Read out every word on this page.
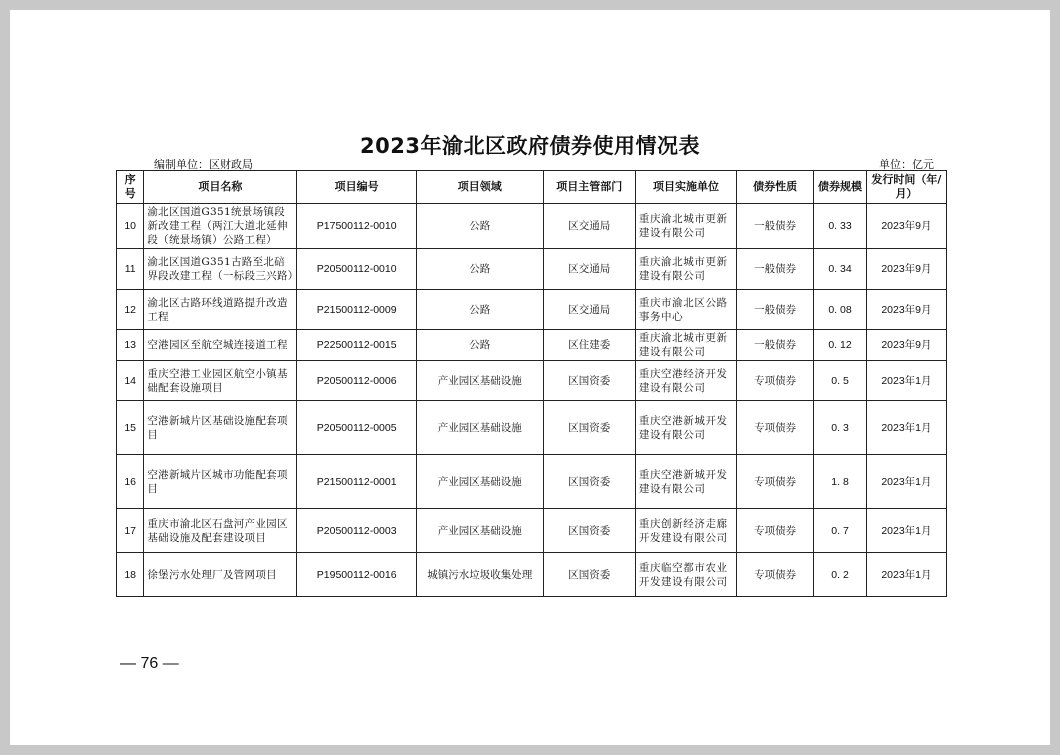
2023年渝北区政府债券使用情况表
编制单位：区财政局	单位：亿元
序号	项目名称	项目编号	项目领域	项目主管部门	项目实施单位	债券性质	债券规模	发行时间（年/月）
10	渝北区国道G351统景场镇段新改建工程（两江大道北延伸段（统景场镇）公路工程）	P17500112-0010	公路	区交通局	重庆渝北城市更新建设有限公司	一般债券	0. 33	2023年9月
11	渝北区国道G351古路至北碚界段改建工程（一标段三兴路）	P20500112-0010	公路	区交通局	重庆渝北城市更新建设有限公司	一般债券	0. 34	2023年9月
12	渝北区古路环线道路提升改造工程	P21500112-0009	公路	区交通局	重庆市渝北区公路事务中心	一般债券	0. 08	2023年9月
13	空港园区至航空城连接道工程	P22500112-0015	公路	区住建委	重庆渝北城市更新建设有限公司	一般债券	0. 12	2023年9月
14	重庆空港工业园区航空小镇基础配套设施项目	P20500112-0006	产业园区基础设施	区国资委	重庆空港经济开发建设有限公司	专项债券	0. 5	2023年1月
15	空港新城片区基础设施配套项目	P20500112-0005	产业园区基础设施	区国资委	重庆空港新城开发建设有限公司	专项债券	0. 3	2023年1月
16	空港新城片区城市功能配套项目	P21500112-0001	产业园区基础设施	区国资委	重庆空港新城开发建设有限公司	专项债券	1. 8	2023年1月
17	重庆市渝北区石盘河产业园区基础设施及配套建设项目	P20500112-0003	产业园区基础设施	区国资委	重庆创新经济走廊开发建设有限公司	专项债券	0. 7	2023年1月
18	徐堡污水处理厂及管网项目	P19500112-0016	城镇污水垃圾收集处理	区国资委	重庆临空都市农业开发建设有限公司	专项债券	0. 2	2023年1月
— 76 —
